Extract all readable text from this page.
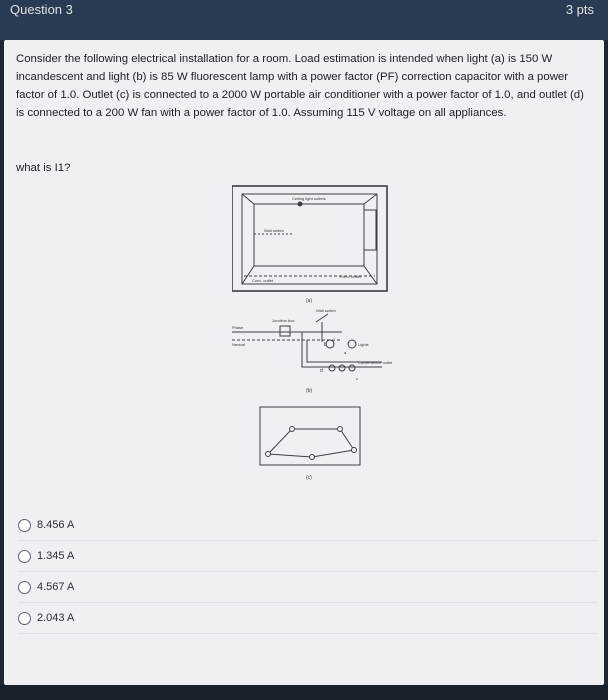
Question 3	3 pts
Consider the following electrical installation for a room. Load estimation is intended when light (a) is 150 W incandescent and light (b) is 85 W fluorescent lamp with a power factor (PF) correction capacitor with a power factor of 1.0. Outlet (c) is connected to a 2000 W portable air conditioner with a power factor of 1.0, and outlet (d) is connected to a 200 W fan with a power factor of 1.0. Assuming 115 V voltage on all appliances.
what is I1?
Ceiling light outlets
Wall switch
Conv. outlet
Conv. outlet
(a)
Junction box
Wall switch
Phase
Neutral	b
a
Lights
d
c
Convenience outlets
(b)
(c)
8.456 A
1.345 A
4.567 A
2.043 A
